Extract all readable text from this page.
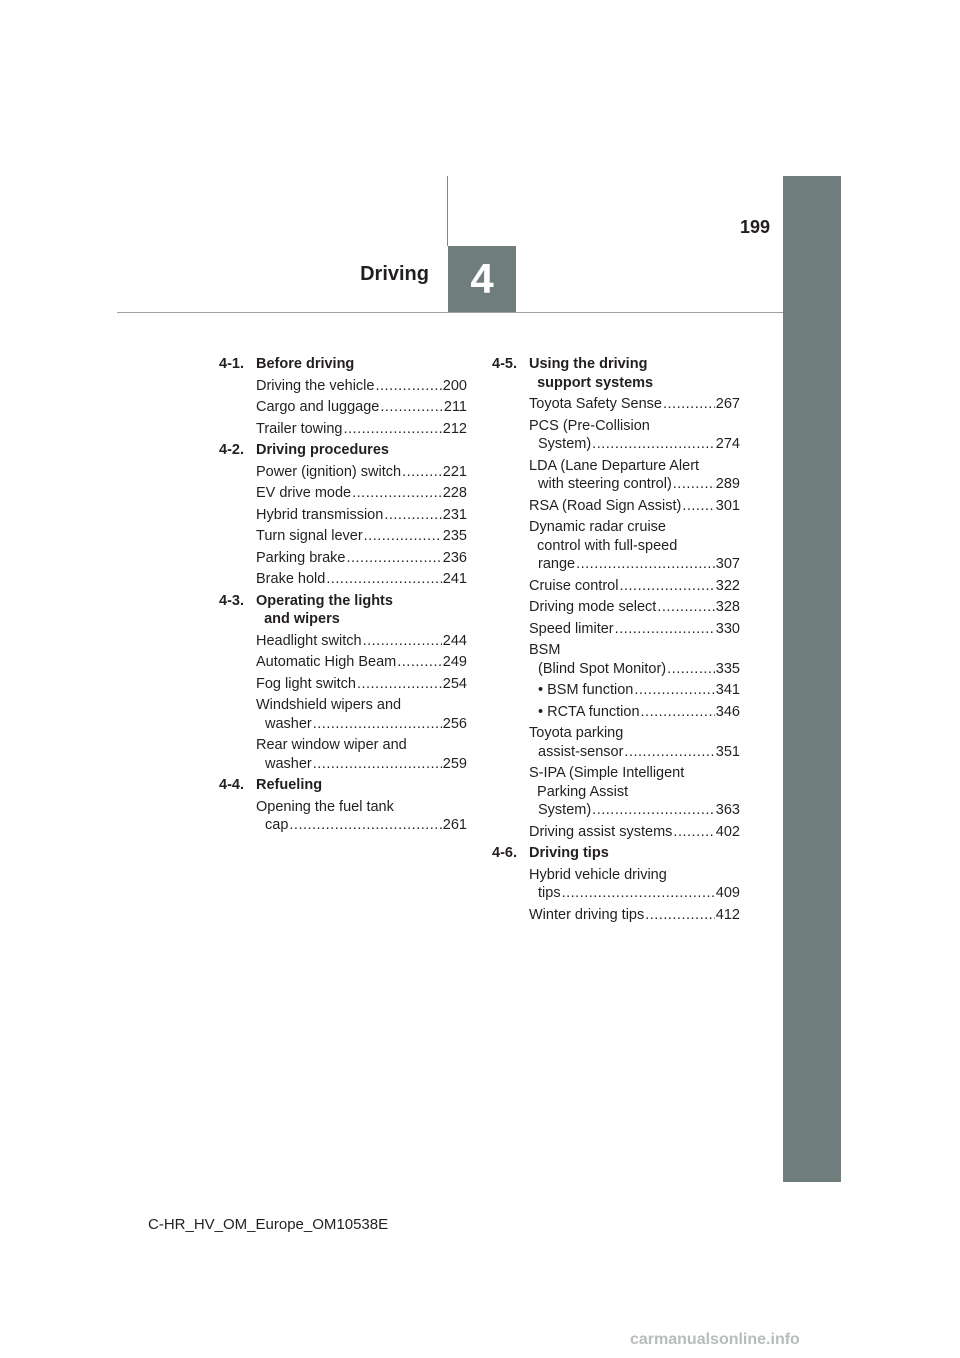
4
Driving
199
4-1. Before driving
Driving the vehicle .....	200
Cargo and luggage .....	211
Trailer towing .....	212
4-2. Driving procedures
Power (ignition) switch .....	221
EV drive mode .....	228
Hybrid transmission .....	231
Turn signal lever .....	235
Parking brake .....	236
Brake hold .....	241
4-3. Operating the lights
and wipers
Headlight switch .....	244
Automatic High Beam .....	249
Fog light switch .....	254
Windshield wipers and
washer .....	256
Rear window wiper and
washer .....	259
4-4. Refueling
Opening the fuel tank
cap .....	261
4-5. Using the driving
support systems
Toyota Safety Sense .....	267
PCS (Pre-Collision
System) .....	274
LDA (Lane Departure Alert
with steering control) .....	289
RSA (Road Sign Assist) ..... 301
Dynamic radar cruise
control with full-speed
range .....	307
Cruise control .....	322
Driving mode select .....	328
Speed limiter .....	330
BSM
(Blind Spot Monitor) .....	335
• BSM function .....	341
• RCTA function .....	346
Toyota parking
assist-sensor .....	351
S-IPA (Simple Intelligent
Parking Assist
System) .....	363
Driving assist systems .....	402
4-6. Driving tips
Hybrid vehicle driving
tips .....	409
Winter driving tips .....	412
C-HR_HV_OM_Europe_OM10538E
carmanualsonline.info
